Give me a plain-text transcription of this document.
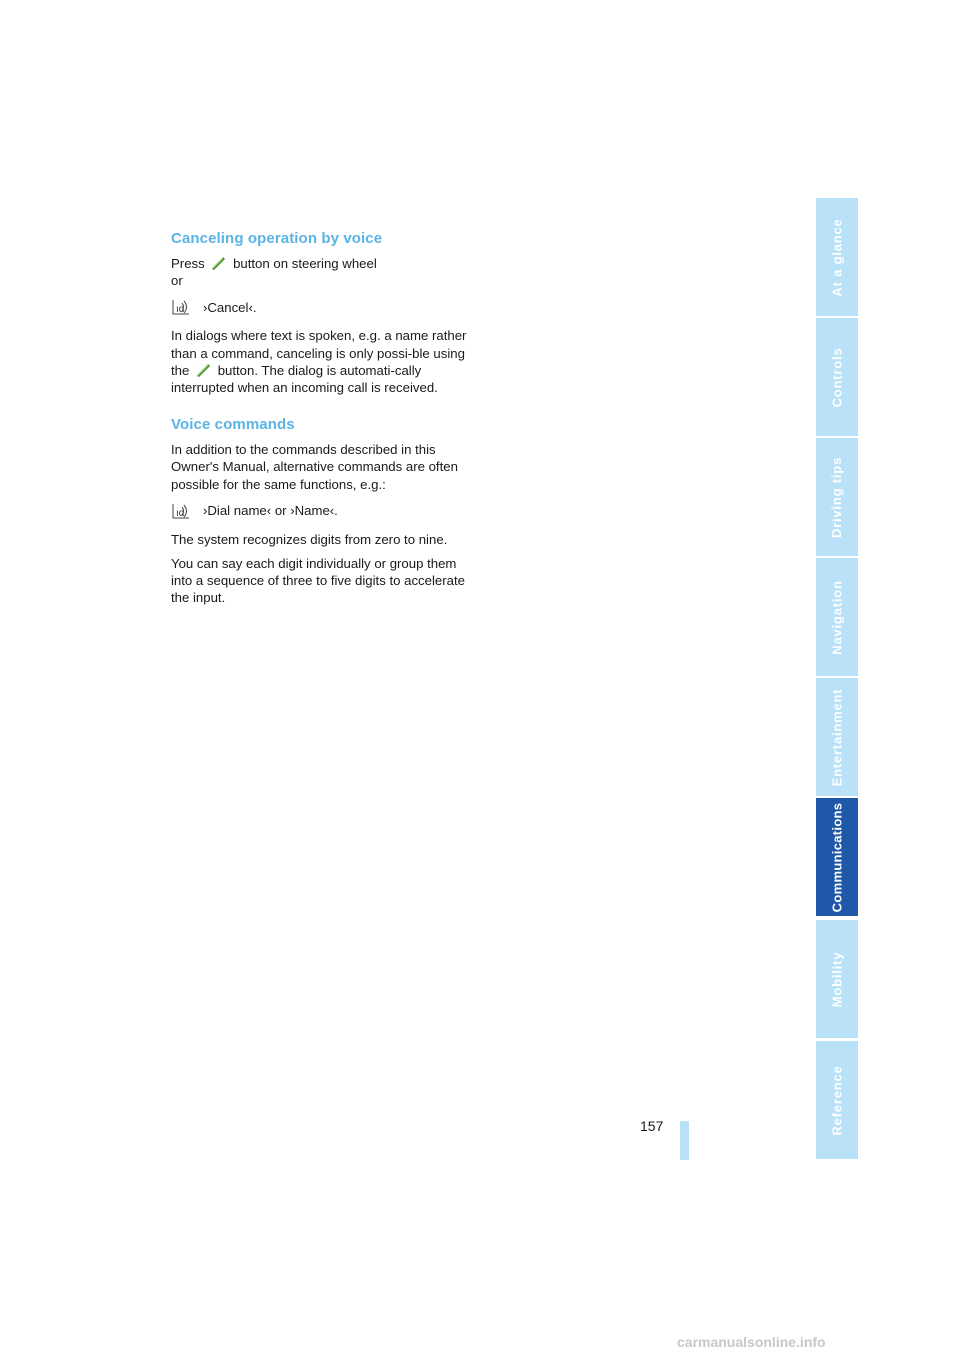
Canceling operation by voice

Press button on steering wheel

or

ıd ›Cancel‹.

In dialogs where text is spoken, e.g. a name rather than a command, canceling is only possi-ble using the button. The dialog is automati-cally interrupted when an incoming call is received.

Voice commands

In addition to the commands described in this Owner's Manual, alternative commands are often possible for the same functions, e.g.:

ıd ›Dial name‹ or ›Name‹.

The system recognizes digits from zero to nine.

You can say each digit individually or group them into a sequence of three to five digits to accelerate the input.

At a glance
Controls
Driving tips
Navigation
Entertainment
Communications
Mobility
Reference
157
carmanualsonline.info
